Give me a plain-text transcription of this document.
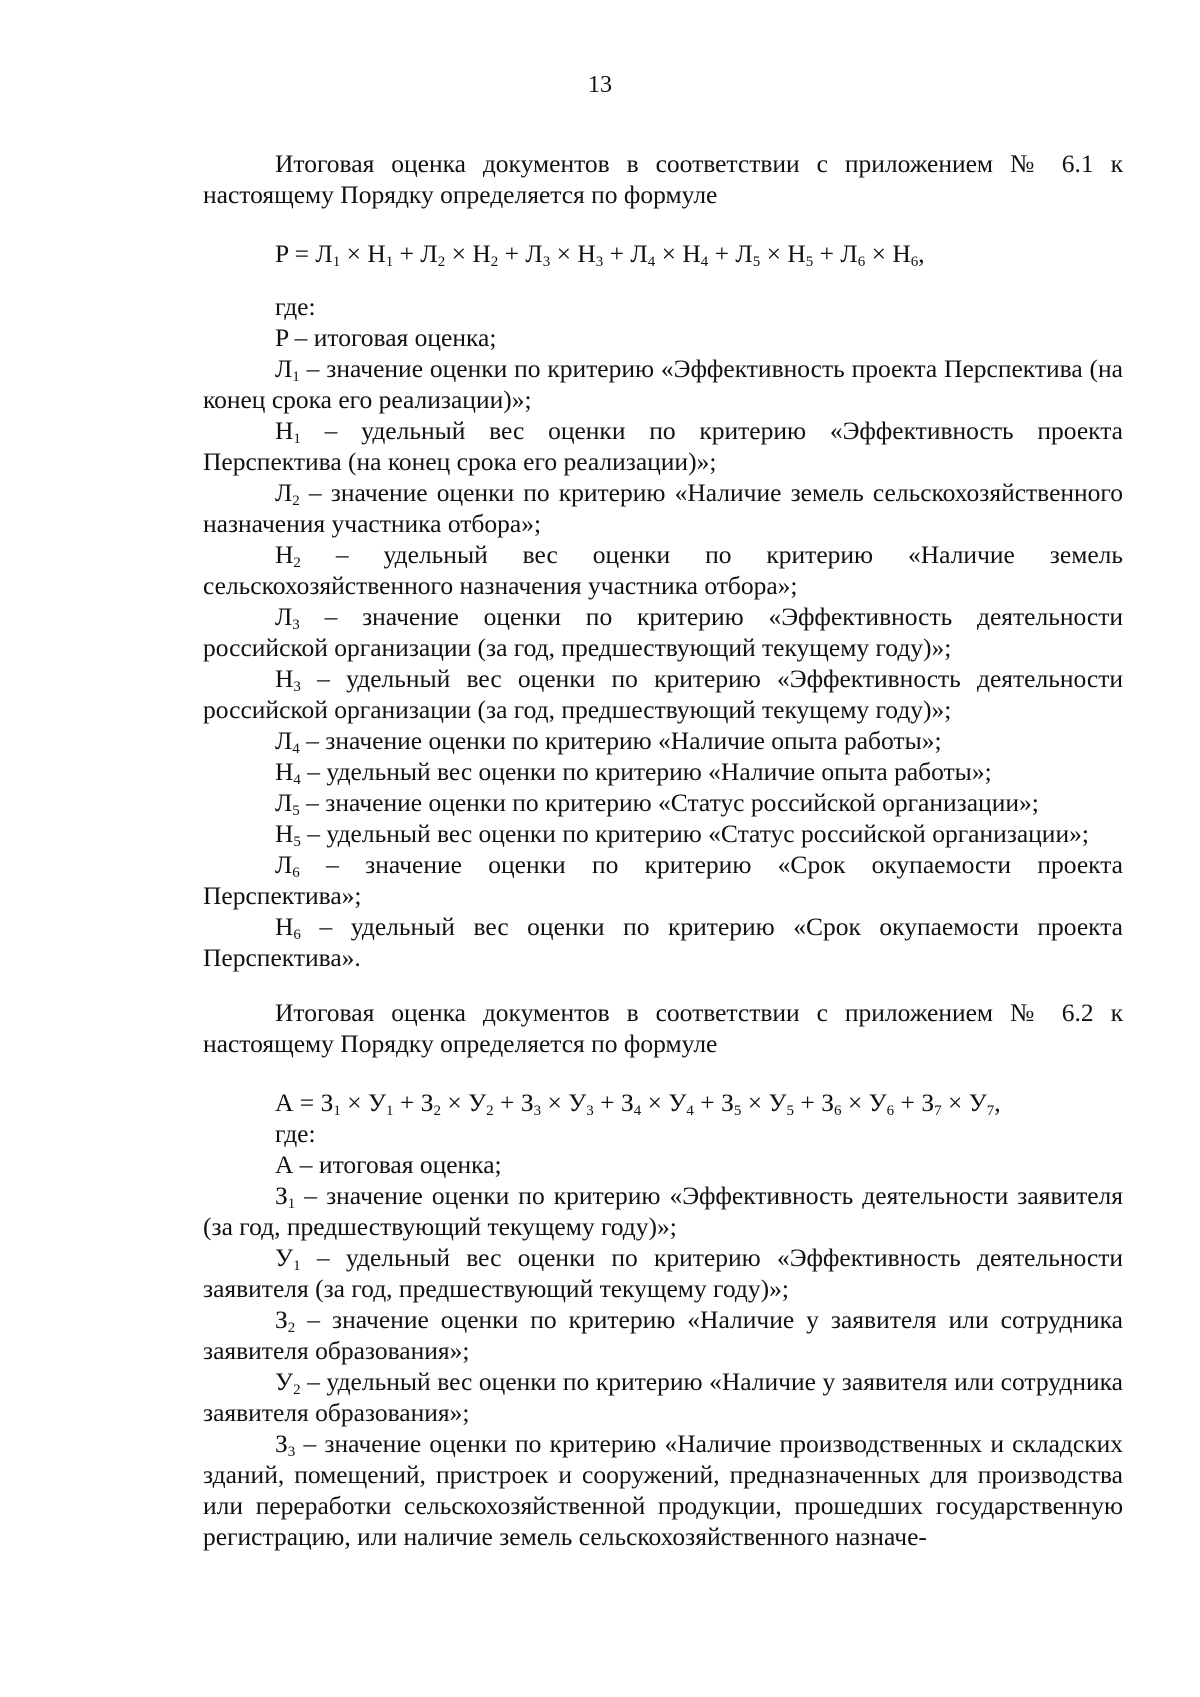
13

Итоговая оценка документов в соответствии с приложением № 6.1 к настоящему Порядку определяется по формуле

$P = Л_1 \times Н_1 + Л_2 \times Н_2 + Л_3 \times Н_3 + Л_4 \times Н_4 + Л_5 \times Н_5 + Л_6 \times Н_6$,

где:

P – итоговая оценка;

$Л_1$ – значение оценки по критерию «Эффективность проекта Перспектива (на конец срока его реализации)»;

$Н_1$ – удельный вес оценки по критерию «Эффективность проекта Перспектива (на конец срока его реализации)»;

$Л_2$ – значение оценки по критерию «Наличие земель сельскохозяйственного назначения участника отбора»;

$Н_2$ – удельный вес оценки по критерию «Наличие земель сельскохозяйственного назначения участника отбора»;

$Л_3$ – значение оценки по критерию «Эффективность деятельности российской организации (за год, предшествующий текущему году)»;

$Н_3$ – удельный вес оценки по критерию «Эффективность деятельности российской организации (за год, предшествующий текущему году)»;

$Л_4$ – значение оценки по критерию «Наличие опыта работы»;

$Н_4$ – удельный вес оценки по критерию «Наличие опыта работы»;

$Л_5$ – значение оценки по критерию «Статус российской организации»;

$Н_5$ – удельный вес оценки по критерию «Статус российской организации»;

$Л_6$ – значение оценки по критерию «Срок окупаемости проекта Перспектива»;

$Н_6$ – удельный вес оценки по критерию «Срок окупаемости проекта Перспектива».

Итоговая оценка документов в соответствии с приложением № 6.2 к настоящему Порядку определяется по формуле

$А = З_1 \times У_1 + З_2 \times У_2 + З_3 \times У_3 + З_4 \times У_4 + З_5 \times У_5 + З_6 \times У_6 + З_7 \times У_7$,

где:

А – итоговая оценка;

$З_1$ – значение оценки по критерию «Эффективность деятельности заявителя (за год, предшествующий текущему году)»;

$У_1$ – удельный вес оценки по критерию «Эффективность деятельности заявителя (за год, предшествующий текущему году)»;

$З_2$ – значение оценки по критерию «Наличие у заявителя или сотрудника заявителя образования»;

$У_2$ – удельный вес оценки по критерию «Наличие у заявителя или сотрудника заявителя образования»;

$З_3$ – значение оценки по критерию «Наличие производственных и складских зданий, помещений, пристроек и сооружений, предназначенных для производства или переработки сельскохозяйственной продукции, прошедших государственную регистрацию, или наличие земель сельскохозяйственного назначе-
